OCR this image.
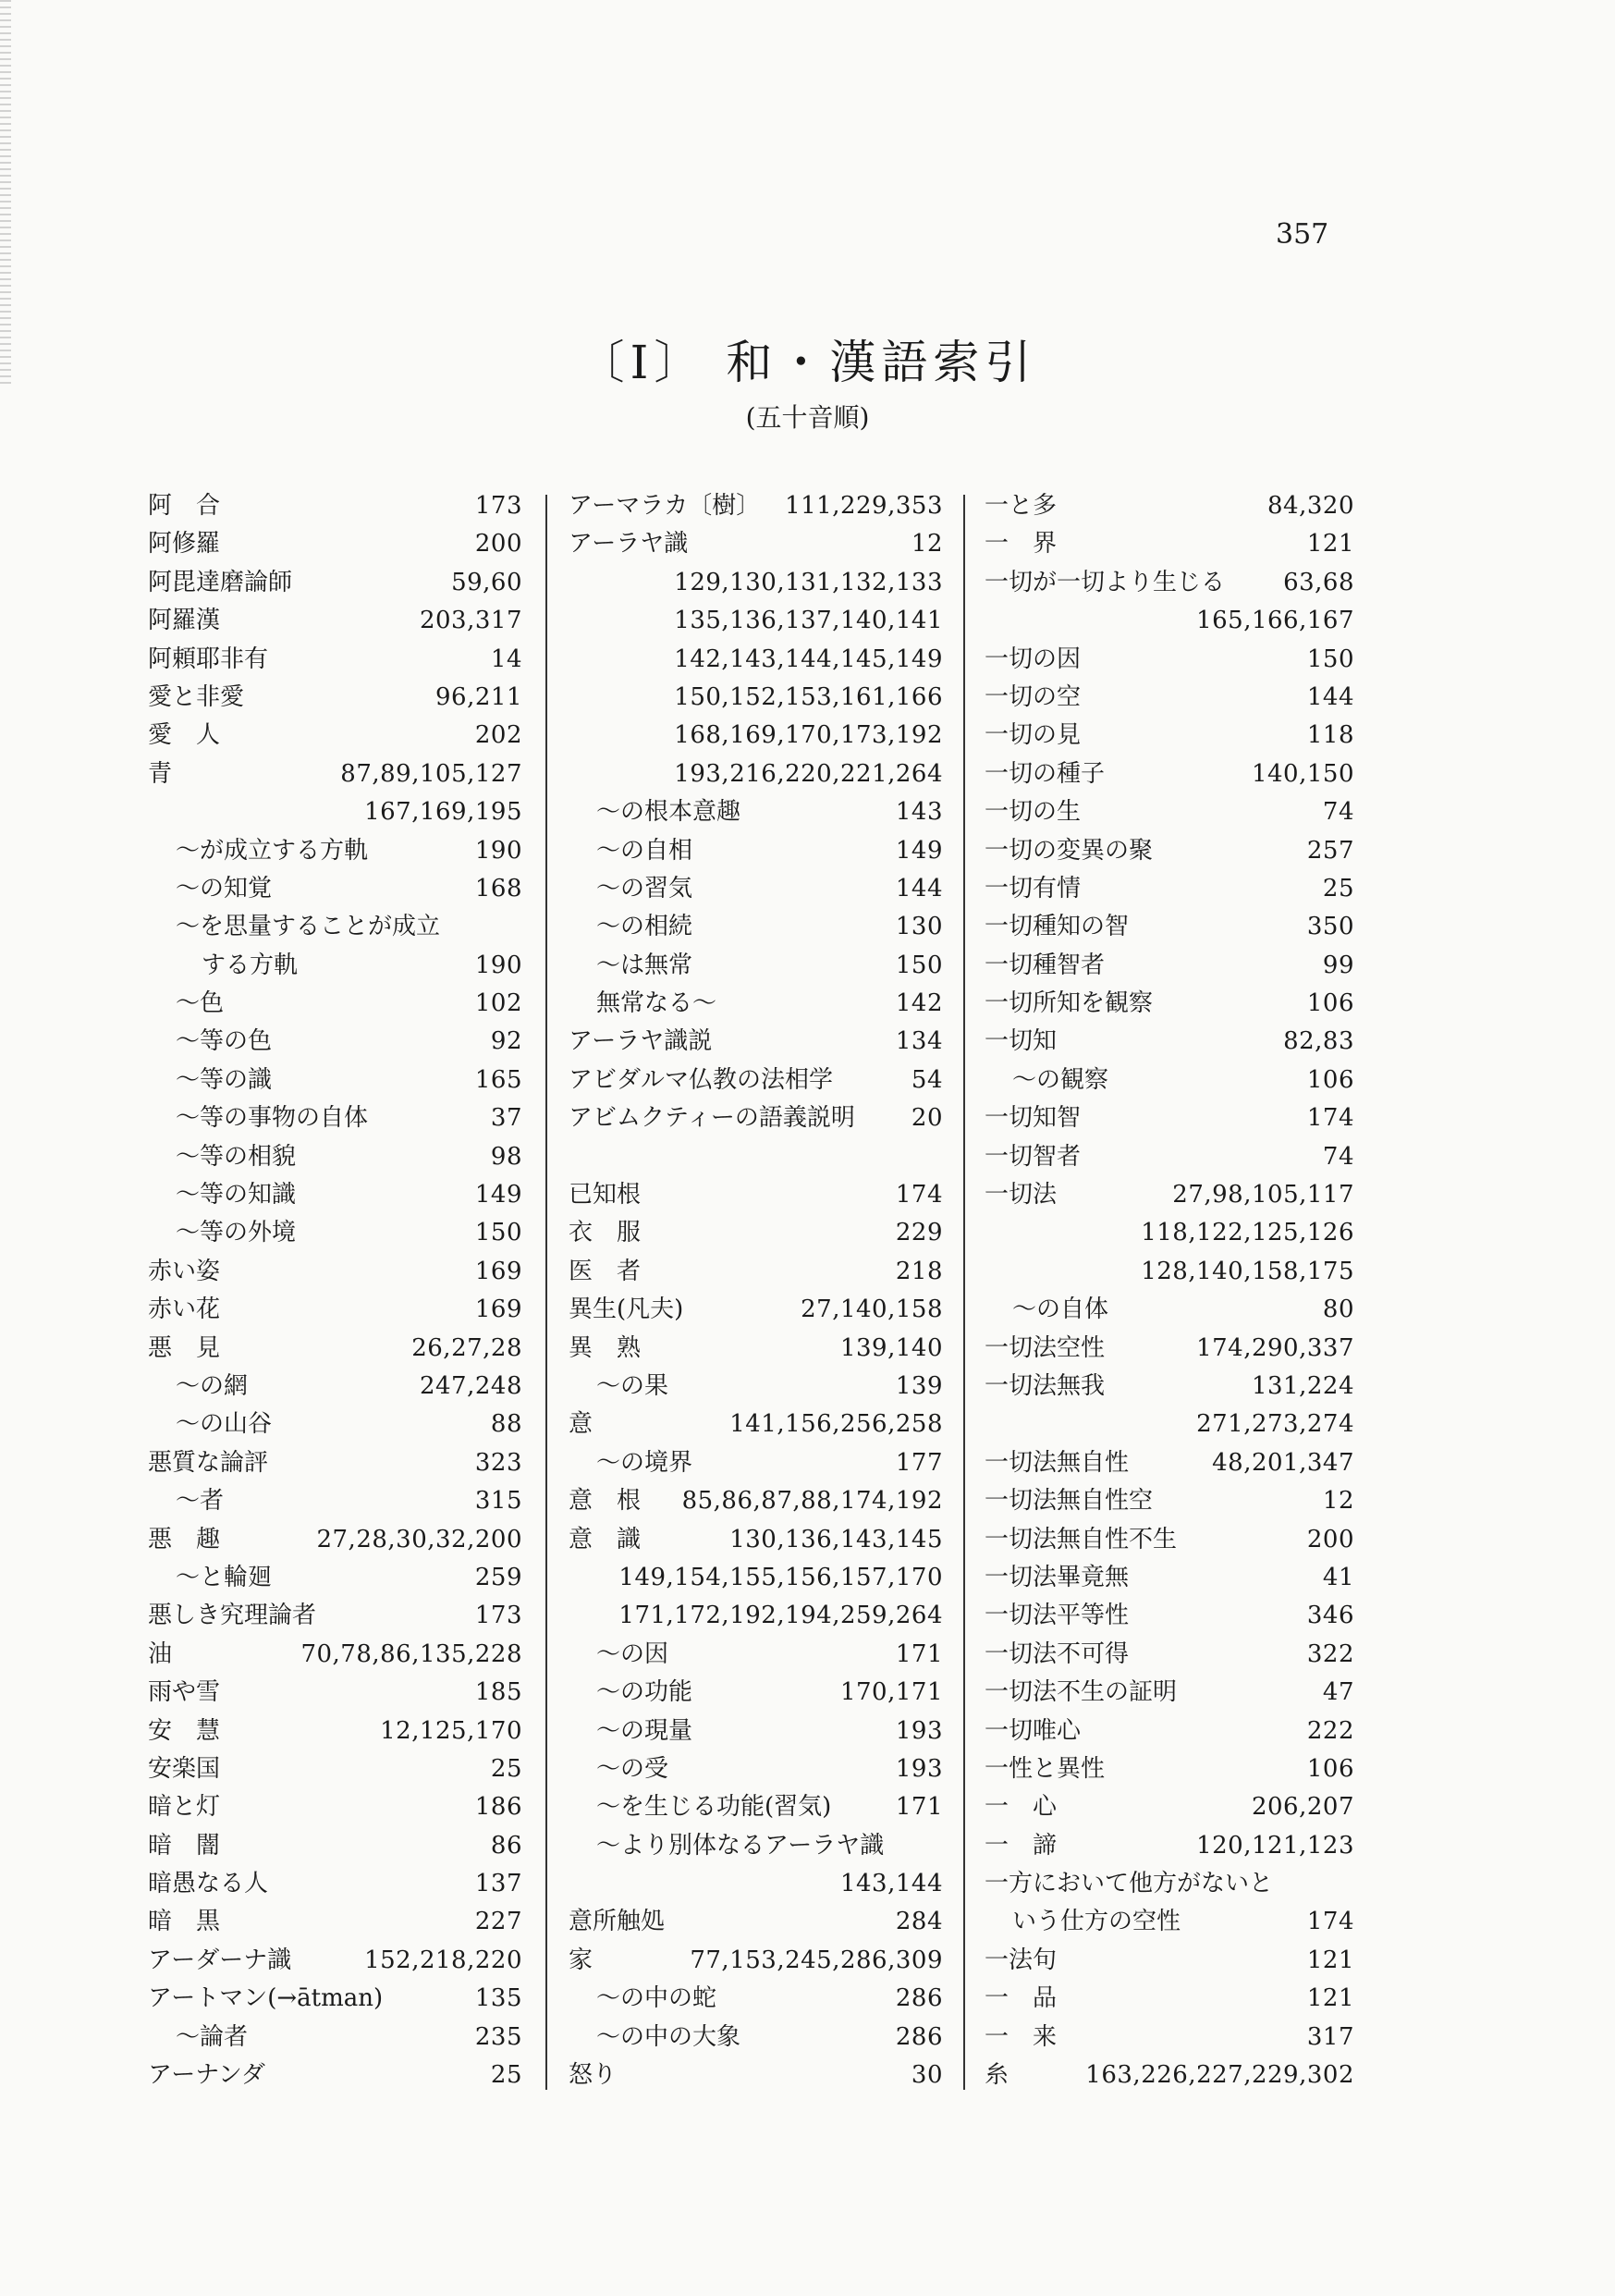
357
〔I〕 和・漢語索引
(五十音順)
阿　合	173
阿修羅	200
阿毘達磨論師	59,60
阿羅漢	203,317
阿頼耶非有	14
愛と非愛	96,211
愛　人	202
青	87,89,105,127
167,169,195
～が成立する方軌	190
～の知覚	168
～を思量することが成立
する方軌	190
～色	102
～等の色	92
～等の識	165
～等の事物の自体	37
～等の相貌	98
～等の知識	149
～等の外境	150
赤い姿	169
赤い花	169
悪　見	26,27,28
～の網	247,248
～の山谷	88
悪質な論評	323
～者	315
悪　趣	27,28,30,32,200
～と輪廻	259
悪しき究理論者	173
油	70,78,86,135,228
雨や雪	185
安　慧	12,125,170
安楽国	25
暗と灯	186
暗　闇	86
暗愚なる人	137
暗　黒	227
アーダーナ識	152,218,220
アートマン(→ātman)	135
～論者	235
アーナンダ	25
アーマラカ〔樹〕 111,229,353
アーラヤ識	12
129,130,131,132,133
135,136,137,140,141
142,143,144,145,149
150,152,153,161,166
168,169,170,173,192
193,216,220,221,264
～の根本意趣	143
～の自相	149
～の習気	144
～の相続	130
～は無常	150
無常なる～	142
アーラヤ識説	134
アビダルマ仏教の法相学	54
アビムクティーの語義説明 20
已知根	174
衣　服	229
医　者	218
異生(凡夫)	27,140,158
異　熟	139,140
～の果	139
意	141,156,256,258
～の境界	177
意　根 85,86,87,88,174,192
意　識	130,136,143,145
149,154,155,156,157,170
171,172,192,194,259,264
～の因	171
～の功能	170,171
～の現量	193
～の受	193
～を生じる功能(習気)	171
～より別体なるアーラヤ識
143,144
意所触処	284
家	77,153,245,286,309
～の中の蛇	286
～の中の大象	286
怒り	30
一と多	84,320
一　界	121
一切が一切より生じる 63,68
165,166,167
一切の因	150
一切の空	144
一切の見	118
一切の種子	140,150
一切の生	74
一切の変異の聚	257
一切有情	25
一切種知の智	350
一切種智者	99
一切所知を観察	106
一切知	82,83
～の観察	106
一切知智	174
一切智者	74
一切法	27,98,105,117
118,122,125,126
128,140,158,175
～の自体	80
一切法空性	174,290,337
一切法無我	131,224
271,273,274
一切法無自性	48,201,347
一切法無自性空	12
一切法無自性不生	200
一切法畢竟無	41
一切法平等性	346
一切法不可得	322
一切法不生の証明	47
一切唯心	222
一性と異性	106
一　心	206,207
一　諦	120,121,123
一方において他方がないと
いう仕方の空性	174
一法句	121
一　品	121
一　来	317
糸	163,226,227,229,302
